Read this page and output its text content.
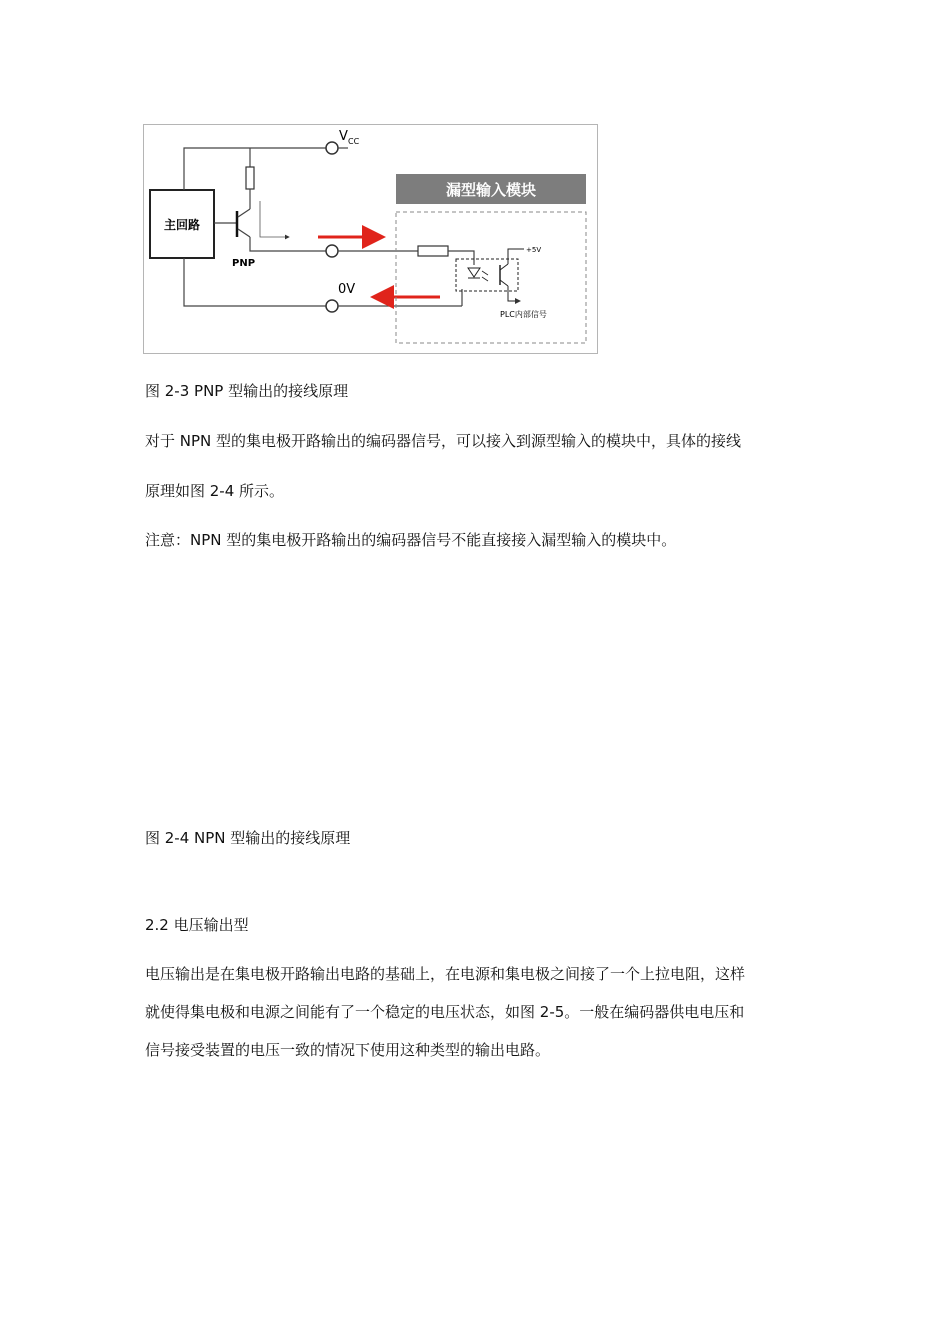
主回路
V CC
PNP
0V
漏型输入模块
+5V
PLC内部信号
图 2-3 PNP 型输出的接线原理
对于 NPN 型的集电极开路输出的编码器信号，可以接入到源型输入的模块中，具体的接线
原理如图 2-4 所示。
注意：NPN 型的集电极开路输出的编码器信号不能直接接入漏型输入的模块中。
图 2-4 NPN 型输出的接线原理
2.2 电压输出型
电压输出是在集电极开路输出电路的基础上，在电源和集电极之间接了一个上拉电阻，这样
就使得集电极和电源之间能有了一个稳定的电压状态，如图 2-5。一般在编码器供电电压和
信号接受装置的电压一致的情况下使用这种类型的输出电路。
